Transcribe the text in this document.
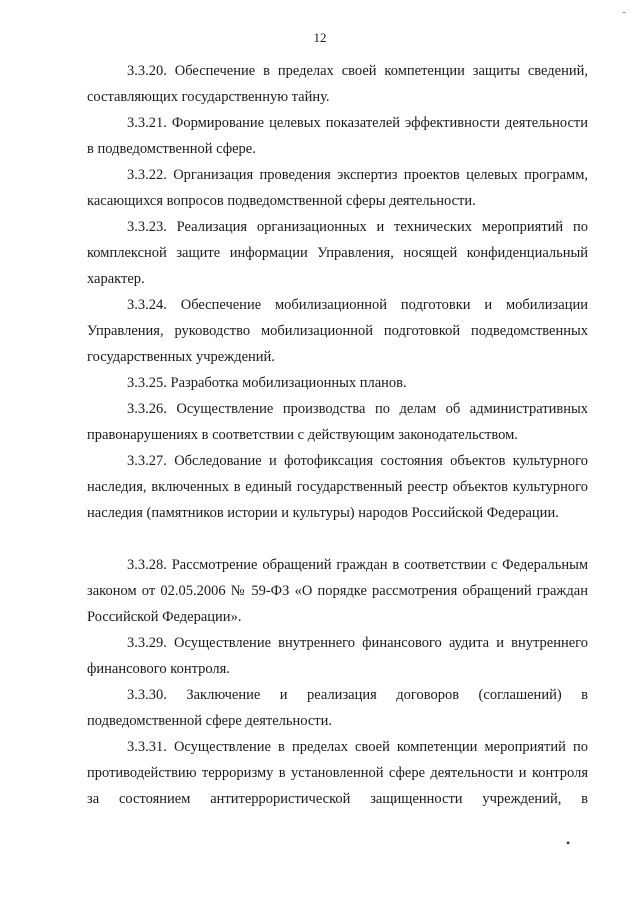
-
12

3.3.20. Обеспечение в пределах своей компетенции защиты сведений, составляющих государственную тайну.

3.3.21. Формирование целевых показателей эффективности деятельности в подведомственной сфере.

3.3.22. Организация проведения экспертиз проектов целевых программ, касающихся вопросов подведомственной сферы деятельности.

3.3.23. Реализация организационных и технических мероприятий по комплексной защите информации Управления, носящей конфиденциальный характер.

3.3.24. Обеспечение мобилизационной подготовки и мобилизации Управления, руководство мобилизационной подготовкой подведомственных государственных учреждений.

3.3.25. Разработка мобилизационных планов.

3.3.26. Осуществление производства по делам об административных правонарушениях в соответствии с действующим законодательством.

3.3.27. Обследование и фотофиксация состояния объектов культурного наследия, включенных в единый государственный реестр объектов культурного наследия (памятников истории и культуры) народов Российской Федерации.

3.3.28. Рассмотрение обращений граждан в соответствии с Федеральным законом от 02.05.2006 № 59-ФЗ «О порядке рассмотрения обращений граждан Российской Федерации».

3.3.29. Осуществление внутреннего финансового аудита и внутреннего финансового контроля.

3.3.30. Заключение и реализация договоров (соглашений) в подведомственной сфере деятельности.

3.3.31. Осуществление в пределах своей компетенции мероприятий по противодействию терроризму в установленной сфере деятельности и контроля за состоянием антитеррористической защищенности учреждений, в

•
